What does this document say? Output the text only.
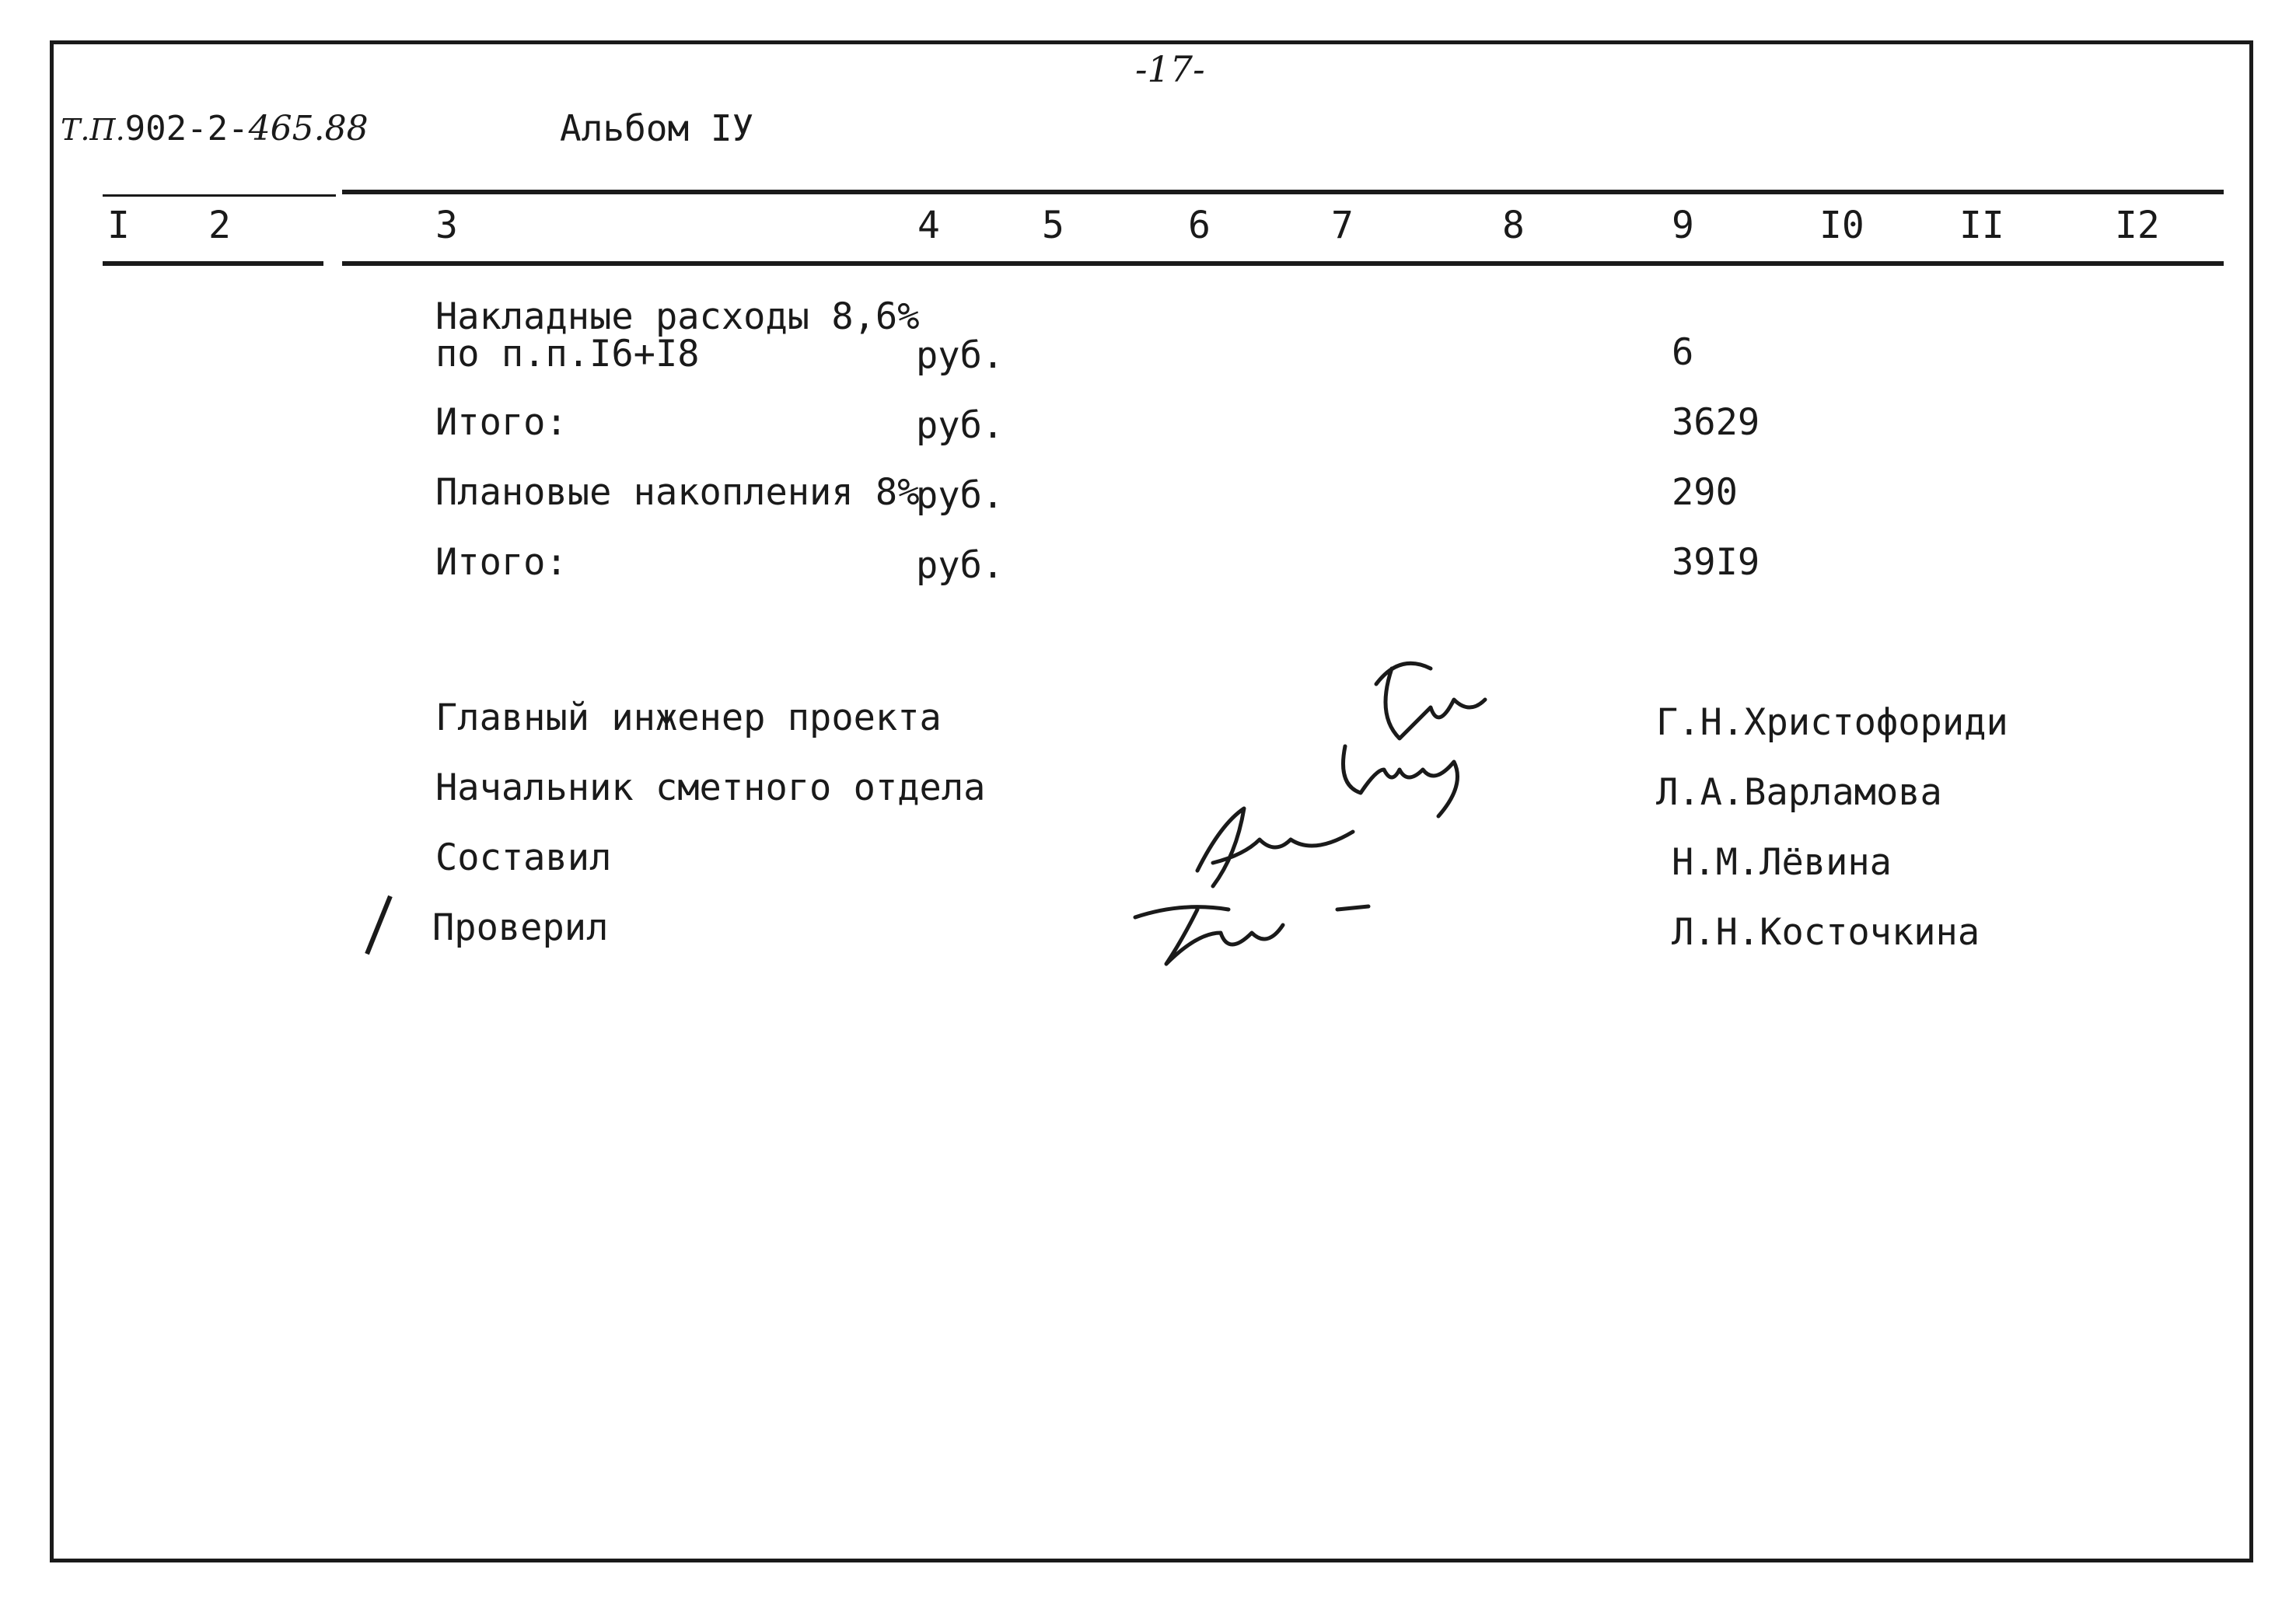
-17-
Т.П.902-2-465.88	Альбом IУ
I 2	3	4	5	6	7	8	9	I0	II	I2
Накладные расходы 8,6%
по п.п.I6+I8	руб.	6
Итого:	руб.	3629
Плановые накопления 8%
руб.	290
Итого:	руб.	39I9
Главный инженер проекта	Г.Н.Христофориди
Начальник сметного отдела	Л.А.Варламова
Составил	Н.М.Лёвина
Проверил	Л.Н.Косточкина
